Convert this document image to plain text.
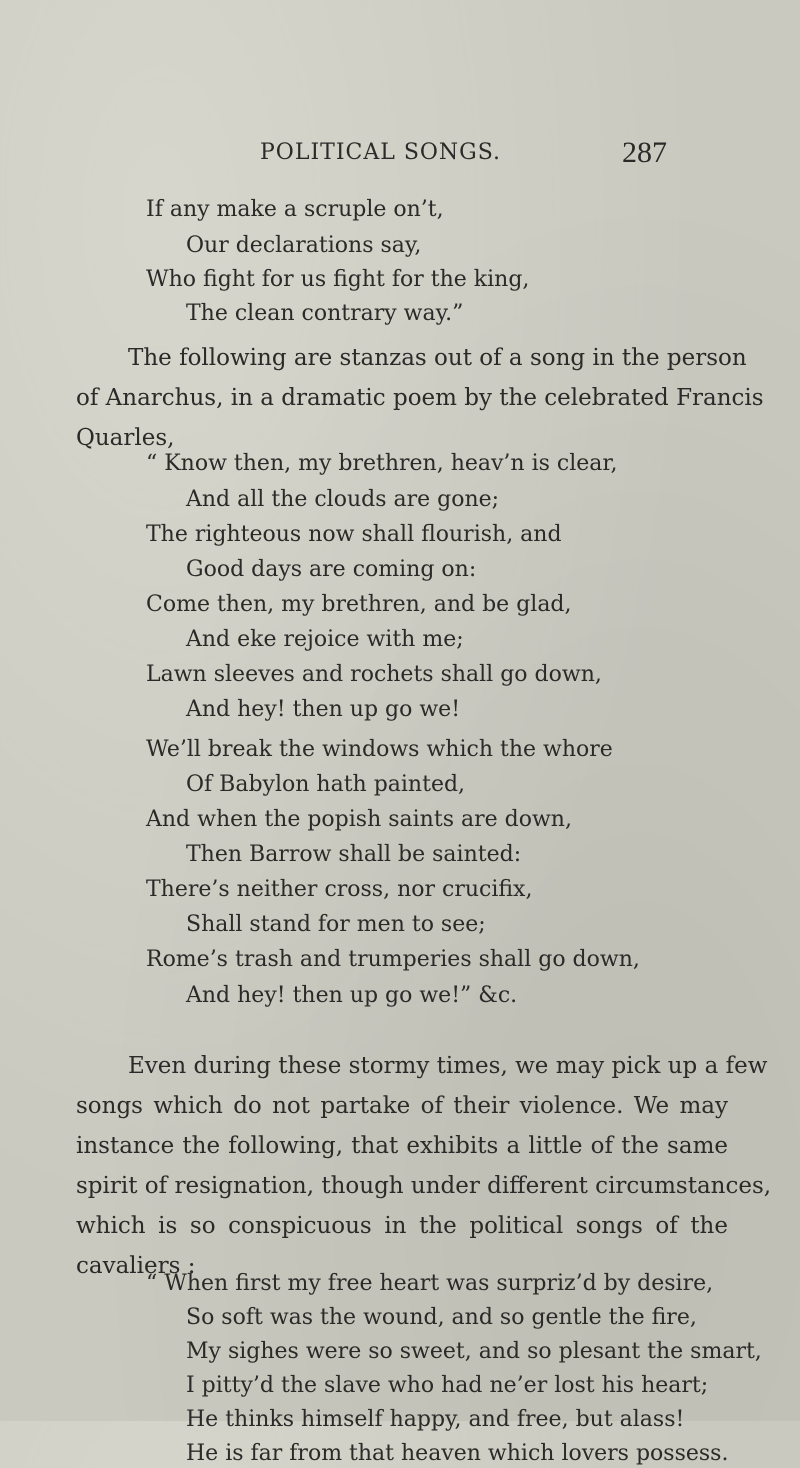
POLITICAL SONGS.	287
If any make a scruple on’t,
Our declarations say,
Who fight for us fight for the king,
The clean contrary way.”
The following are stanzas out of a song in the person
of Anarchus, in a dramatic poem by the celebrated Francis
Quarles,
“ Know then, my brethren, heav’n is clear,
And all the clouds are gone;
The righteous now shall flourish, and
Good days are coming on:
Come then, my brethren, and be glad,
And eke rejoice with me;
Lawn sleeves and rochets shall go down,
And hey! then up go we!
We’ll break the windows which the whore
Of Babylon hath painted,
And when the popish saints are down,
Then Barrow shall be sainted:
There’s neither cross, nor crucifix,
Shall stand for men to see;
Rome’s trash and trumperies shall go down,
And hey! then up go we!” &c.
Even during these stormy times, we may pick up a few
songs which do not partake of their violence. We may
instance the following, that exhibits a little of the same
spirit of resignation, though under different circumstances,
which is so conspicuous in the political songs of the
cavaliers :
“ When first my free heart was surpriz’d by desire,
So soft was the wound, and so gentle the fire,
My sighes were so sweet, and so plesant the smart,
I pitty’d the slave who had ne’er lost his heart;
He thinks himself happy, and free, but alass!
He is far from that heaven which lovers possess.
